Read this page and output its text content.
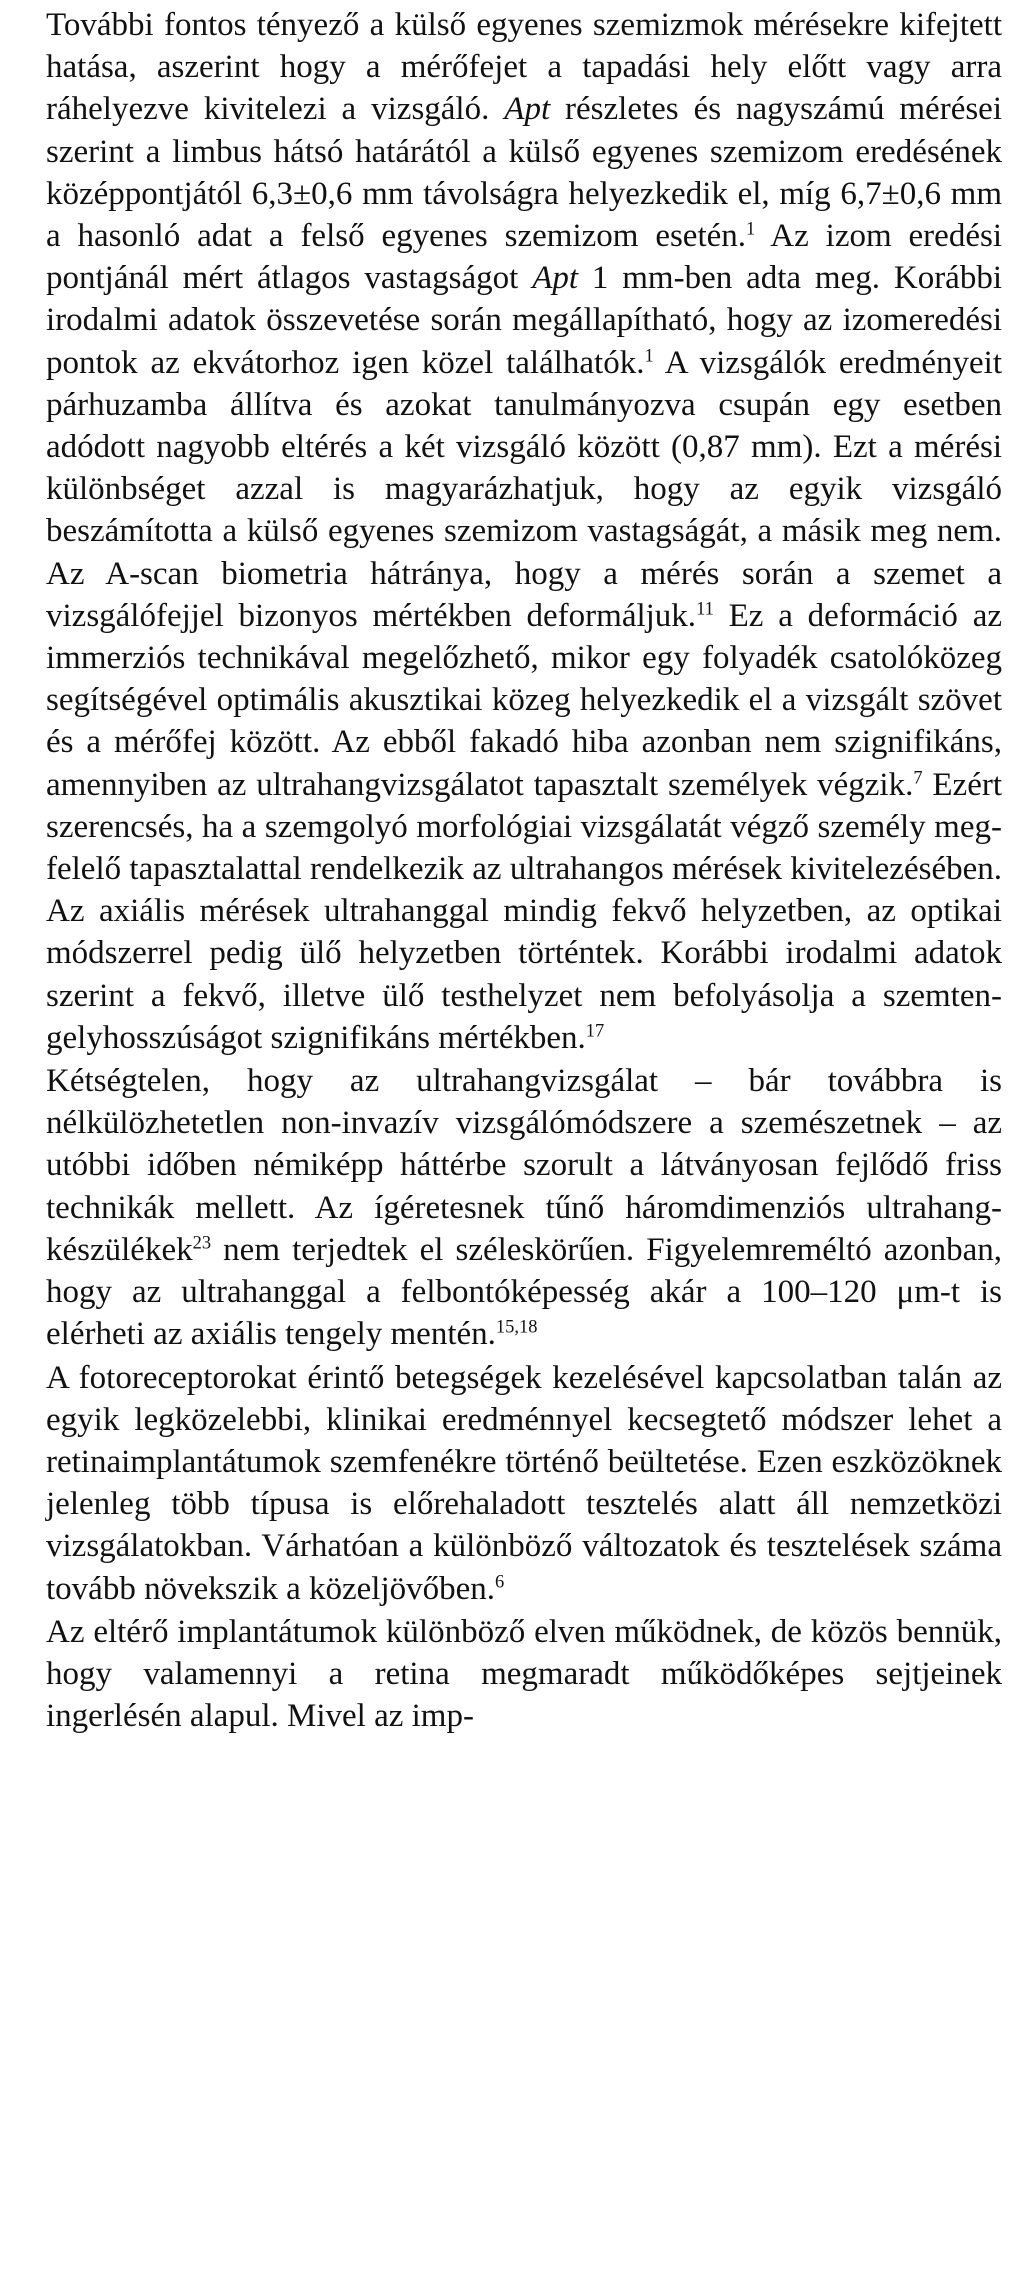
További fontos tényező a külső egyenes szemizmok mérésekre kifejtett hatása, aszerint hogy a mérőfejet a tapadási hely előtt vagy arra ráhelyezve kivitelezi a vizsgáló. Apt részletes és nagyszámú mérései szerint a limbus hátsó határától a külső egyenes szemizom eredésének középpontjától 6,3±0,6 mm távolságra helyezkedik el, míg 6,7±0,6 mm a hasonló adat a felső egyenes szemizom esetén.$^1$ Az izom eredési pontjánál mért átlagos vastagságot Apt 1 mm-ben adta meg. Korábbi irodalmi adatok összevetése során megállapítható, hogy az izomeredési pontok az ekvátorhoz igen közel találhatók.$^1$ A vizsgálók eredményeit párhuzamba állítva és azokat tanulmányozva csupán egy esetben adódott nagyobb eltérés a két vizsgáló között (0,87 mm). Ezt a mérési különbséget azzal is magyarázhatjuk, hogy az egyik vizsgáló beszámította a külső egyenes szemizom vastagságát, a másik meg nem. Az A-scan biometria hátránya, hogy a mérés során a szemet a vizsgálófejjel bizonyos mértékben deformáljuk.$^{11}$ Ez a deformáció az immerziós technikával megelőzhető, mikor egy folyadék csatolóközeg segítségével optimális akusztikai közeg helyezkedik el a vizsgált szövet és a mérőfej között. Az ebből fakadó hiba azonban nem szignifikáns, amennyiben az ultrahangvizsgálatot tapasztalt személyek végzik.$^7$ Ezért szerencsés, ha a szemgolyó morfológiai vizsgálatát végző személy megfelelő tapasztalattal rendelkezik az ultrahangos mérések kivitelezésében. Az axiális mérések ultrahanggal mindig fekvő helyzetben, az optikai módszerrel pedig ülő helyzetben történtek. Korábbi irodalmi adatok szerint a fekvő, illetve ülő testhelyzet nem befolyásolja a szemtengelyhosszúságot szignifikáns mértékben.$^{17}$

Kétségtelen, hogy az ultrahangvizsgálat – bár továbbra is nélkülözhetetlen non-invazív vizsgálómódszere a szemészetnek – az utóbbi időben némiképp háttérbe szorult a látványosan fejlődő friss technikák mellett. Az ígéretesnek tűnő háromdimenziós ultrahang-készülékek$^{23}$ nem terjedtek el széleskörűen. Figyelemreméltó azonban, hogy az ultrahanggal a felbontóképesség akár a 100–120 μm-t is elérheti az axiális tengely mentén.$^{15,18}$

A fotoreceptorokat érintő betegségek kezelésével kapcsolatban talán az egyik legközelebbi, klinikai eredménnyel kecsegtető módszer lehet a retinaimplantátumok szemfenékre történő beültetése. Ezen eszközöknek jelenleg több típusa is előrehaladott tesztelés alatt áll nemzetközi vizsgálatokban. Várhatóan a különböző változatok és tesztelések száma tovább növekszik a közeljövőben.$^6$

Az eltérő implantátumok különböző elven működnek, de közös bennük, hogy valamennyi a retina megmaradt működőképes sejtjeinek ingerlésén alapul. Mivel az imp-
